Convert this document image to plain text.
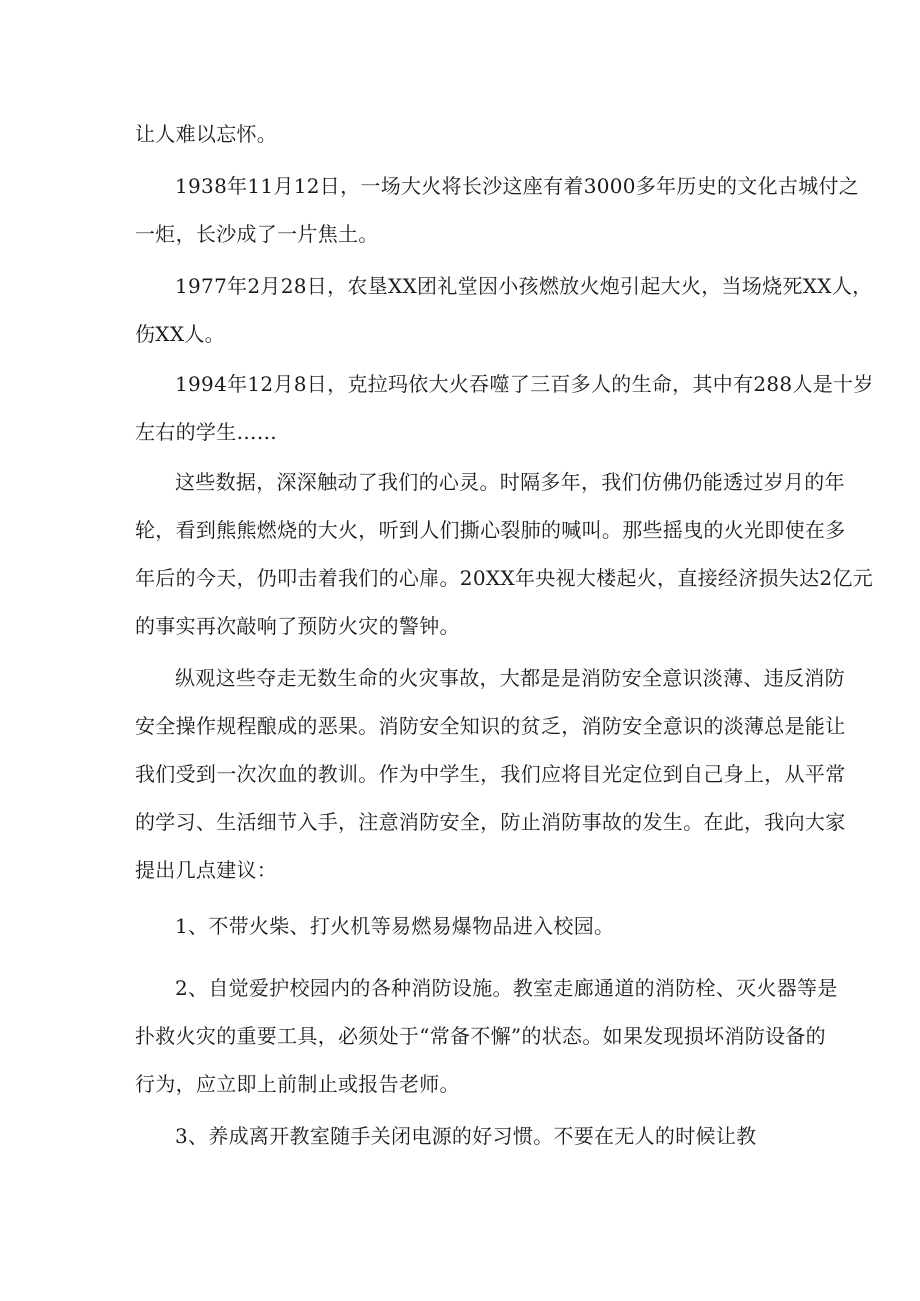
让人难以忘怀。
1938年11月12日，一场大火将长沙这座有着3000多年历史的文化古城付之
一炬，长沙成了一片焦土。
1977年2月28日，农垦XX团礼堂因小孩燃放火炮引起大火，当场烧死XX人，
伤XX人。
1994年12月8日，克拉玛依大火吞噬了三百多人的生命，其中有288人是十岁
左右的学生……
这些数据，深深触动了我们的心灵。时隔多年，我们仿佛仍能透过岁月的年
轮，看到熊熊燃烧的大火，听到人们撕心裂肺的喊叫。那些摇曳的火光即使在多
年后的今天，仍叩击着我们的心扉。20XX年央视大楼起火，直接经济损失达2亿元
的事实再次敲响了预防火灾的警钟。
纵观这些夺走无数生命的火灾事故，大都是是消防安全意识淡薄、违反消防
安全操作规程酿成的恶果。消防安全知识的贫乏，消防安全意识的淡薄总是能让
我们受到一次次血的教训。作为中学生，我们应将目光定位到自己身上，从平常
的学习、生活细节入手，注意消防安全，防止消防事故的发生。在此，我向大家
提出几点建议：
1、不带火柴、打火机等易燃易爆物品进入校园。
2、自觉爱护校园内的各种消防设施。教室走廊通道的消防栓、灭火器等是
扑救火灾的重要工具，必须处于“常备不懈”的状态。如果发现损坏消防设备的
行为，应立即上前制止或报告老师。
3、养成离开教室随手关闭电源的好习惯。不要在无人的时候让教
